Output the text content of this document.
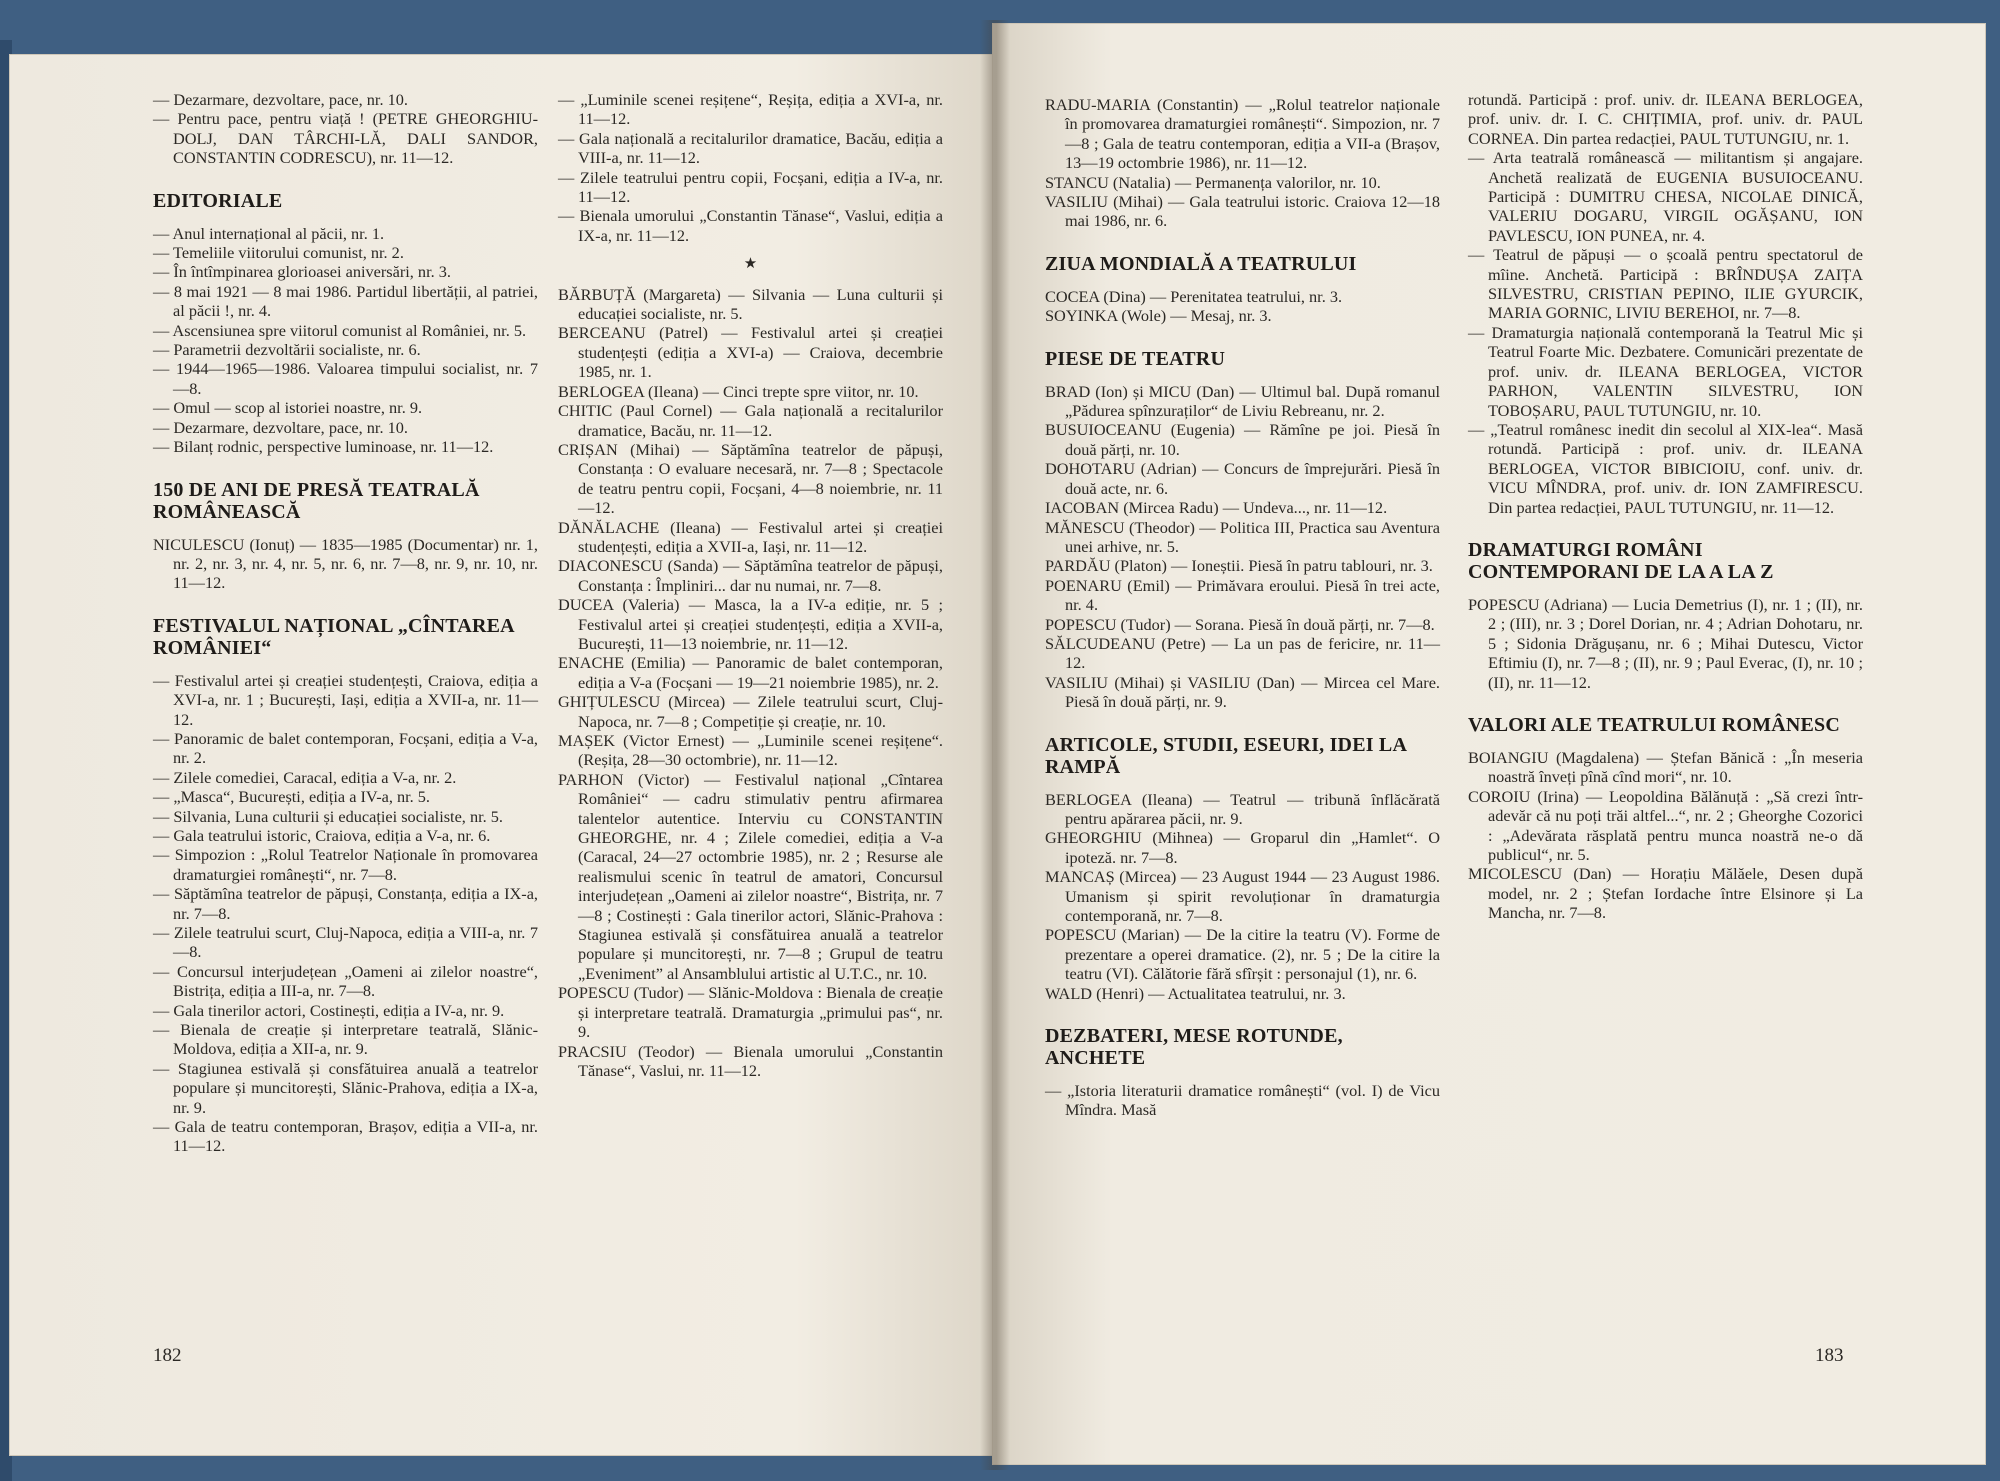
— Dezarmare, dezvoltare, pace, nr. 10.

— Pentru pace, pentru viață ! (PETRE GHEORGHIU-DOLJ, DAN TÂRCHI-LĂ, DALI SANDOR, CONSTANTIN CODRESCU), nr. 11—12.

EDITORIALE

— Anul internațional al păcii, nr. 1.

— Temeliile viitorului comunist, nr. 2.

— În întîmpinarea glorioasei aniversări, nr. 3.

— 8 mai 1921 — 8 mai 1986. Partidul libertății, al patriei, al păcii !, nr. 4.

— Ascensiunea spre viitorul comunist al României, nr. 5.

— Parametrii dezvoltării socialiste, nr. 6.

— 1944—1965—1986. Valoarea timpului socialist, nr. 7—8.

— Omul — scop al istoriei noastre, nr. 9.

— Dezarmare, dezvoltare, pace, nr. 10.

— Bilanț rodnic, perspective luminoase, nr. 11—12.

150 DE ANI DE PRESĂ TEATRALĂ ROMÂNEASCĂ

NICULESCU (Ionuț) — 1835—1985 (Documentar) nr. 1, nr. 2, nr. 3, nr. 4, nr. 5, nr. 6, nr. 7—8, nr. 9, nr. 10, nr. 11—12.

FESTIVALUL NAȚIONAL „CÎNTAREA ROMÂNIEI“

— Festivalul artei și creației studențești, Craiova, ediția a XVI-a, nr. 1 ; București, Iași, ediția a XVII-a, nr. 11—12.

— Panoramic de balet contemporan, Focșani, ediția a V-a, nr. 2.

— Zilele comediei, Caracal, ediția a V-a, nr. 2.

— „Masca“, București, ediția a IV-a, nr. 5.

— Silvania, Luna culturii și educației socialiste, nr. 5.

— Gala teatrului istoric, Craiova, ediția a V-a, nr. 6.

— Simpozion : „Rolul Teatrelor Naționale în promovarea dramaturgiei românești“, nr. 7—8.

— Săptămîna teatrelor de păpuși, Constanța, ediția a IX-a, nr. 7—8.

— Zilele teatrului scurt, Cluj-Napoca, ediția a VIII-a, nr. 7—8.

— Concursul interjudețean „Oameni ai zilelor noastre“, Bistrița, ediția a III-a, nr. 7—8.

— Gala tinerilor actori, Costinești, ediția a IV-a, nr. 9.

— Bienala de creație și interpretare teatrală, Slănic-Moldova, ediția a XII-a, nr. 9.

— Stagiunea estivală și consfătuirea anuală a teatrelor populare și muncitorești, Slănic-Prahova, ediția a IX-a, nr. 9.

— Gala de teatru contemporan, Brașov, ediția a VII-a, nr. 11—12.

— „Luminile scenei reșițene“, Reșița, ediția a XVI-a, nr. 11—12.

— Gala națională a recitalurilor dramatice, Bacău, ediția a VIII-a, nr. 11—12.

— Zilele teatrului pentru copii, Focșani, ediția a IV-a, nr. 11—12.

— Bienala umorului „Constantin Tănase“, Vaslui, ediția a IX-a, nr. 11—12.

★

BĂRBUȚĂ (Margareta) — Silvania — Luna culturii și educației socialiste, nr. 5.

BERCEANU (Patrel) — Festivalul artei și creației studențești (ediția a XVI-a) — Craiova, decembrie 1985, nr. 1.

BERLOGEA (Ileana) — Cinci trepte spre viitor, nr. 10.

CHITIC (Paul Cornel) — Gala națională a recitalurilor dramatice, Bacău, nr. 11—12.

CRIȘAN (Mihai) — Săptămîna teatrelor de păpuși, Constanța : O evaluare necesară, nr. 7—8 ; Spectacole de teatru pentru copii, Focșani, 4—8 noiembrie, nr. 11—12.

DĂNĂLACHE (Ileana) — Festivalul artei și creației studențești, ediția a XVII-a, Iași, nr. 11—12.

DIACONESCU (Sanda) — Săptămîna teatrelor de păpuși, Constanța : Împliniri... dar nu numai, nr. 7—8.

DUCEA (Valeria) — Masca, la a IV-a ediție, nr. 5 ; Festivalul artei și creației studențești, ediția a XVII-a, București, 11—13 noiembrie, nr. 11—12.

ENACHE (Emilia) — Panoramic de balet contemporan, ediția a V-a (Focșani — 19—21 noiembrie 1985), nr. 2.

GHIȚULESCU (Mircea) — Zilele teatrului scurt, Cluj-Napoca, nr. 7—8 ; Competiție și creație, nr. 10.

MAȘEK (Victor Ernest) — „Luminile scenei reșițene“. (Reșița, 28—30 octombrie), nr. 11—12.

PARHON (Victor) — Festivalul național „Cîntarea României“ — cadru stimulativ pentru afirmarea talentelor autentice. Interviu cu CONSTANTIN GHEORGHE, nr. 4 ; Zilele comediei, ediția a V-a (Caracal, 24—27 octombrie 1985), nr. 2 ; Resurse ale realismului scenic în teatrul de amatori, Concursul interjudețean „Oameni ai zilelor noastre“, Bistrița, nr. 7—8 ; Costinești : Gala tinerilor actori, Slănic-Prahova : Stagiunea estivală și consfătuirea anuală a teatrelor populare și muncitorești, nr. 7—8 ; Grupul de teatru „Evenimentˮ al Ansamblului artistic al U.T.C., nr. 10.

POPESCU (Tudor) — Slănic-Moldova : Bienala de creație și interpretare teatrală. Dramaturgia „primului pas“, nr. 9.

PRACSIU (Teodor) — Bienala umorului „Constantin Tănase“, Vaslui, nr. 11—12.

RADU-MARIA (Constantin) — „Rolul teatrelor naționale în promovarea dramaturgiei românești“. Simpozion, nr. 7—8 ; Gala de teatru contemporan, ediția a VII-a (Brașov, 13—19 octombrie 1986), nr. 11—12.

STANCU (Natalia) — Permanența valorilor, nr. 10.

VASILIU (Mihai) — Gala teatrului istoric. Craiova 12—18 mai 1986, nr. 6.

ZIUA MONDIALĂ A TEATRULUI

COCEA (Dina) — Perenitatea teatrului, nr. 3.

SOYINKA (Wole) — Mesaj, nr. 3.

PIESE DE TEATRU

BRAD (Ion) și MICU (Dan) — Ultimul bal. După romanul „Pădurea spînzuraților“ de Liviu Rebreanu, nr. 2.

BUSUIOCEANU (Eugenia) — Rămîne pe joi. Piesă în două părți, nr. 10.

DOHOTARU (Adrian) — Concurs de împrejurări. Piesă în două acte, nr. 6.

IACOBAN (Mircea Radu) — Undeva..., nr. 11—12.

MĂNESCU (Theodor) — Politica III, Practica sau Aventura unei arhive, nr. 5.

PARDĂU (Platon) — Ioneștii. Piesă în patru tablouri, nr. 3.

POENARU (Emil) — Primăvara eroului. Piesă în trei acte, nr. 4.

POPESCU (Tudor) — Sorana. Piesă în două părți, nr. 7—8.

SĂLCUDEANU (Petre) — La un pas de fericire, nr. 11—12.

VASILIU (Mihai) și VASILIU (Dan) — Mircea cel Mare. Piesă în două părți, nr. 9.

ARTICOLE, STUDII, ESEURI, IDEI LA RAMPĂ

BERLOGEA (Ileana) — Teatrul — tribună înflăcărată pentru apărarea păcii, nr. 9.

GHEORGHIU (Mihnea) — Groparul din „Hamlet“. O ipoteză. nr. 7—8.

MANCAȘ (Mircea) — 23 August 1944 — 23 August 1986. Umanism și spirit revoluționar în dramaturgia contemporană, nr. 7—8.

POPESCU (Marian) — De la citire la teatru (V). Forme de prezentare a operei dramatice. (2), nr. 5 ; De la citire la teatru (VI). Călătorie fără sfîrșit : personajul (1), nr. 6.

WALD (Henri) — Actualitatea teatrului, nr. 3.

DEZBATERI, MESE ROTUNDE, ANCHETE

— „Istoria literaturii dramatice românești“ (vol. I) de Vicu Mîndra. Masă

rotundă. Participă : prof. univ. dr. ILEANA BERLOGEA, prof. univ. dr. I. C. CHIȚIMIA, prof. univ. dr. PAUL CORNEA. Din partea redacției, PAUL TUTUNGIU, nr. 1.

— Arta teatrală românească — militantism și angajare. Anchetă realizată de EUGENIA BUSUIOCEANU. Participă : DUMITRU CHESA, NICOLAE DINICĂ, VALERIU DOGARU, VIRGIL OGĂȘANU, ION PAVLESCU, ION PUNEA, nr. 4.

— Teatrul de păpuși — o școală pentru spectatorul de mîine. Anchetă. Participă : BRÎNDUȘA ZAIȚA SILVESTRU, CRISTIAN PEPINO, ILIE GYURCIK, MARIA GORNIC, LIVIU BEREHOI, nr. 7—8.

— Dramaturgia națională contemporană la Teatrul Mic și Teatrul Foarte Mic. Dezbatere. Comunicări prezentate de prof. univ. dr. ILEANA BERLOGEA, VICTOR PARHON, VALENTIN SILVESTRU, ION TOBOȘARU, PAUL TUTUNGIU, nr. 10.

— „Teatrul românesc inedit din secolul al XIX-lea“. Masă rotundă. Participă : prof. univ. dr. ILEANA BERLOGEA, VICTOR BIBICIOIU, conf. univ. dr. VICU MÎNDRA, prof. univ. dr. ION ZAMFIRESCU. Din partea redacției, PAUL TUTUNGIU, nr. 11—12.

DRAMATURGI ROMÂNI CONTEMPORANI DE LA A LA Z

POPESCU (Adriana) — Lucia Demetrius (I), nr. 1 ; (II), nr. 2 ; (III), nr. 3 ; Dorel Dorian, nr. 4 ; Adrian Dohotaru, nr. 5 ; Sidonia Drăgușanu, nr. 6 ; Mihai Dutescu, Victor Eftimiu (I), nr. 7—8 ; (II), nr. 9 ; Paul Everac, (I), nr. 10 ; (II), nr. 11—12.

VALORI ALE TEATRULUI ROMÂNESC

BOIANGIU (Magdalena) — Ștefan Bănică : „În meseria noastră înveți pînă cînd mori“, nr. 10.

COROIU (Irina) — Leopoldina Bălănuță : „Să crezi într-adevăr că nu poți trăi altfel...“, nr. 2 ; Gheorghe Cozorici : „Adevărata răsplată pentru munca noastră ne-o dă publicul“, nr. 5.

MICOLESCU (Dan) — Horațiu Mălăele, Desen după model, nr. 2 ; Ștefan Iordache între Elsinore și La Mancha, nr. 7—8.

182	183
